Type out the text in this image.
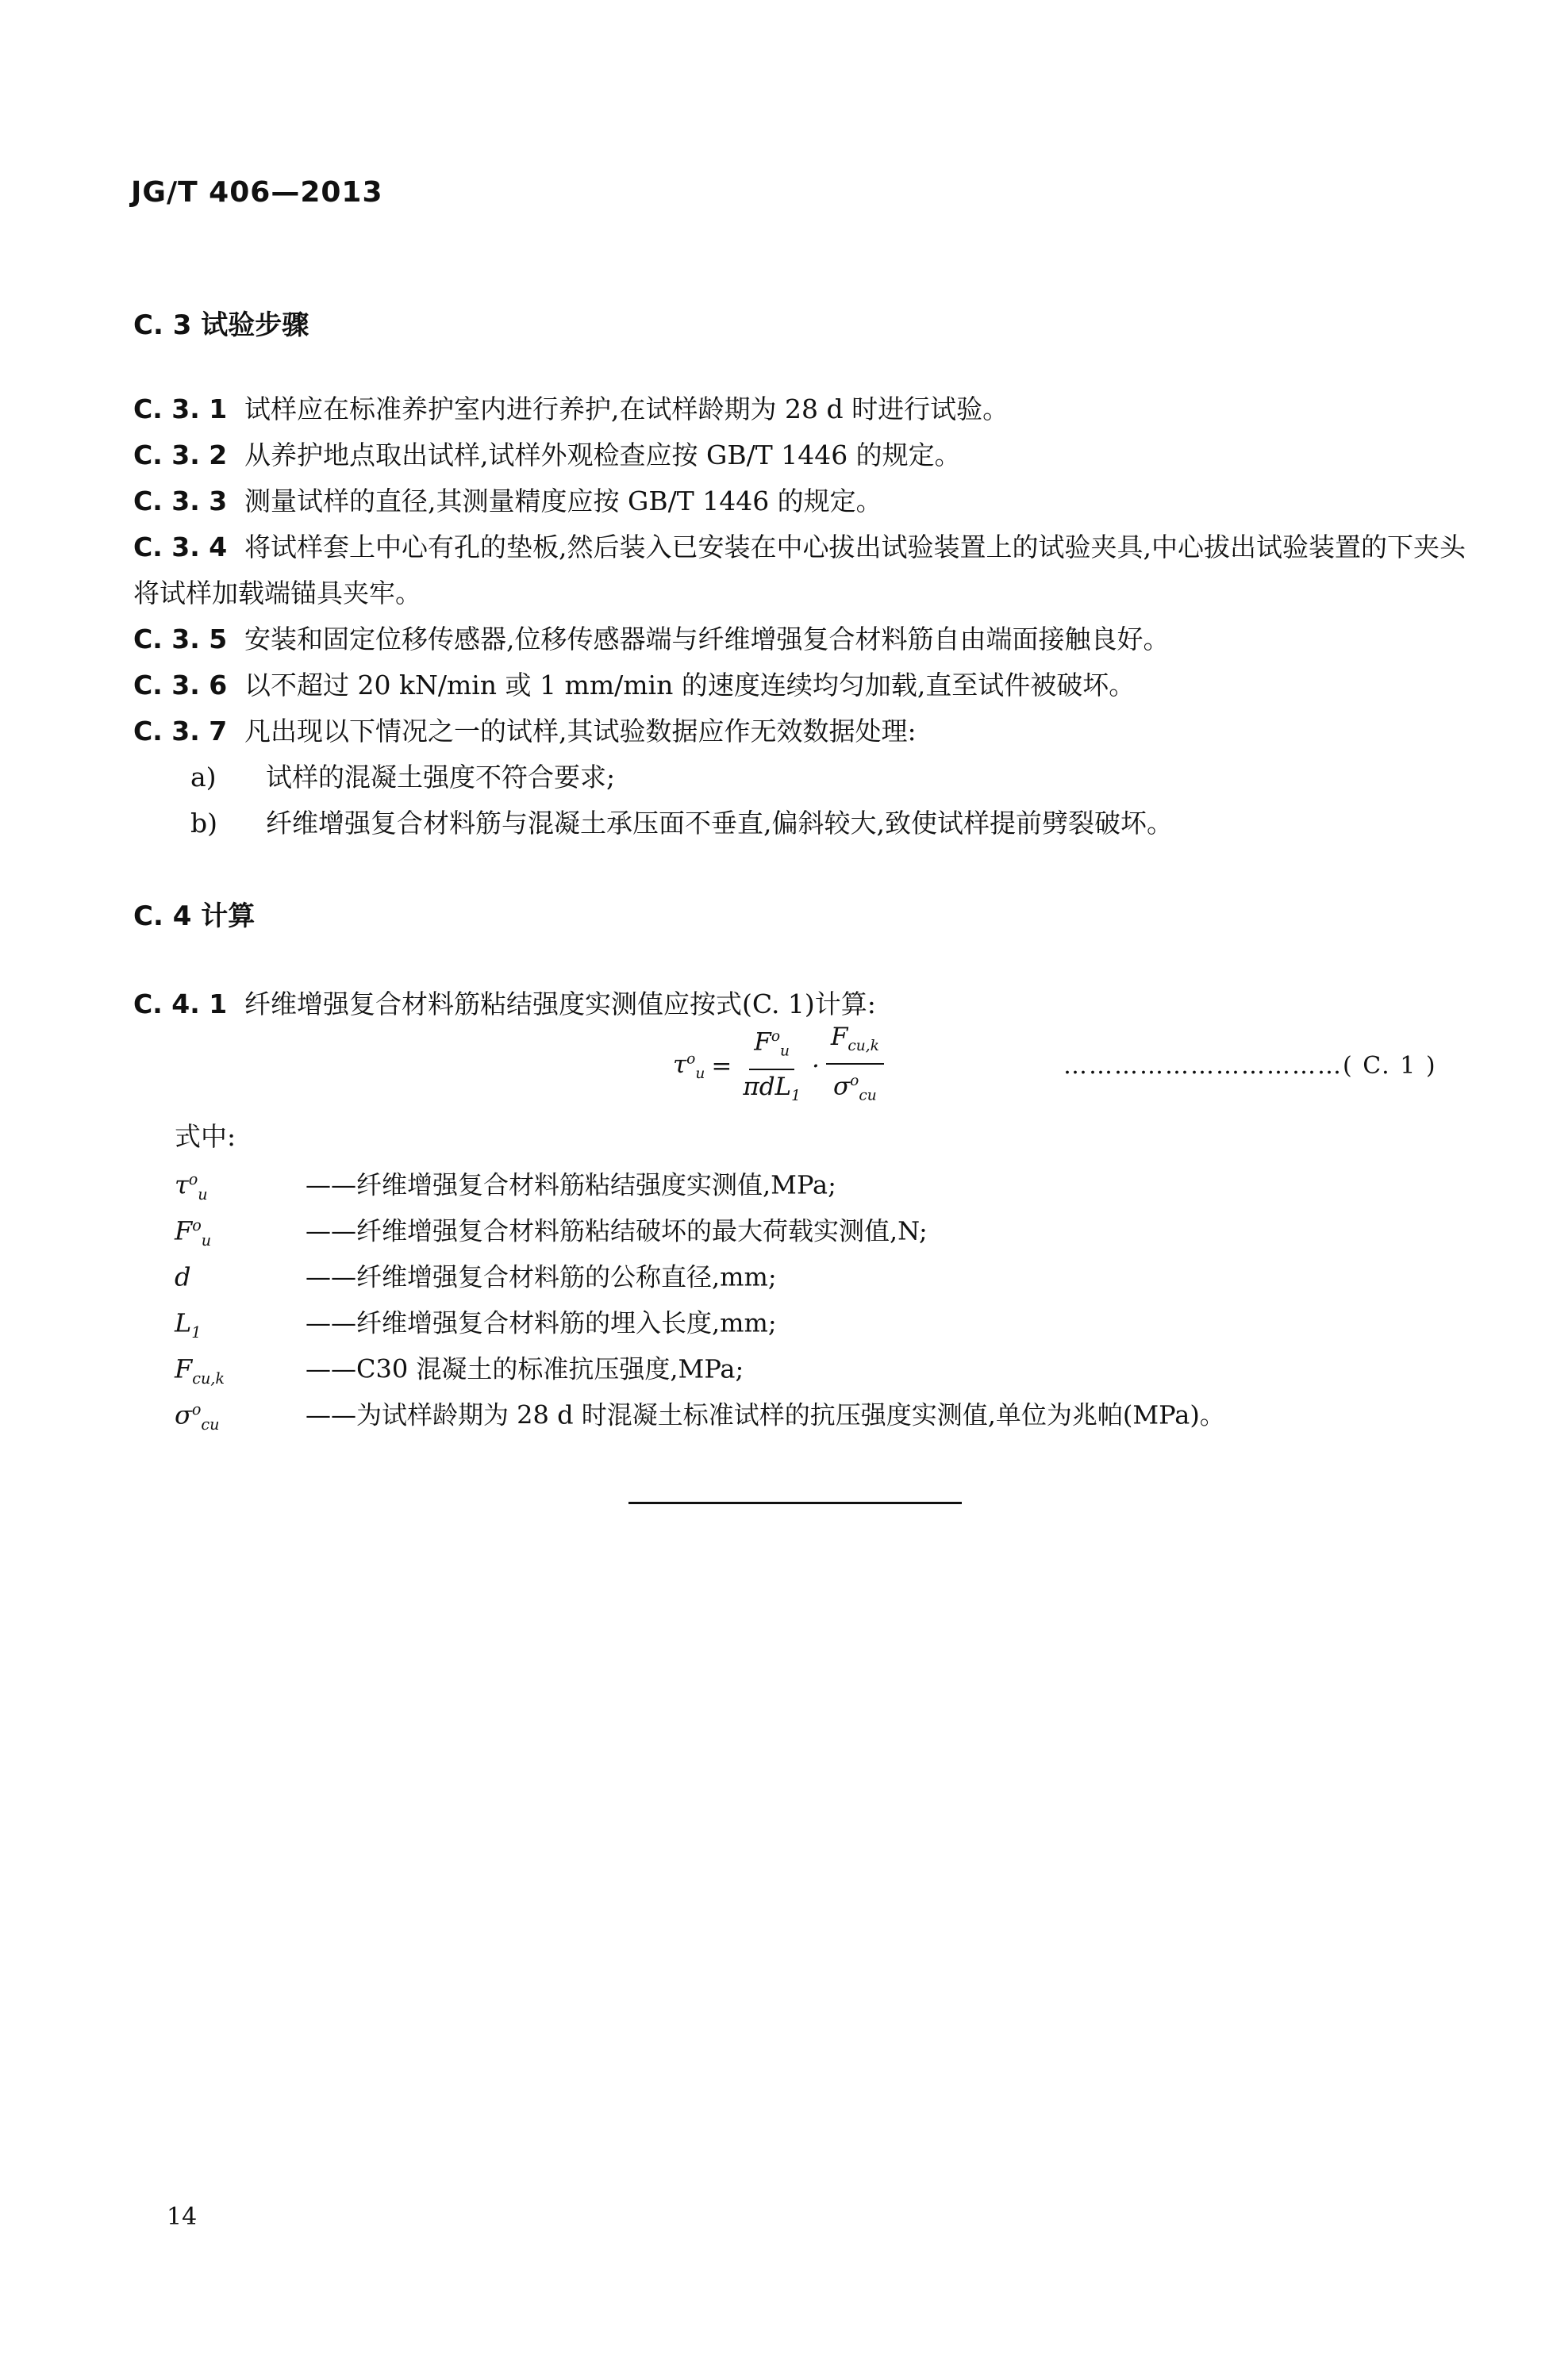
JG/T 406—2013
C. 3 试验步骤
C. 3. 1 试样应在标准养护室内进行养护,在试样龄期为 28 d 时进行试验。
C. 3. 2 从养护地点取出试样,试样外观检查应按 GB/T 1446 的规定。
C. 3. 3 测量试样的直径,其测量精度应按 GB/T 1446 的规定。
C. 3. 4 将试样套上中心有孔的垫板,然后装入已安装在中心拔出试验装置上的试验夹具,中心拔出试验装置的下夹头将试样加载端锚具夹牢。
C. 3. 5 安装和固定位移传感器,位移传感器端与纤维增强复合材料筋自由端面接触良好。
C. 3. 6 以不超过 20 kN/min 或 1 mm/min 的速度连续均匀加载,直至试件被破坏。
C. 3. 7 凡出现以下情况之一的试样,其试验数据应作无效数据处理:
a) 试样的混凝土强度不符合要求;
b) 纤维增强复合材料筋与混凝土承压面不垂直,偏斜较大,致使试样提前劈裂破坏。
C. 4 计算
C. 4. 1 纤维增强复合材料筋粘结强度实测值应按式(C. 1)计算:
$\tau^o_u = \frac{F^o_u}{\pi dL_1} \cdot \frac{F_{cu,k}}{\sigma^o_{cu}}$	……………………………( C. 1 )
式中:
$\tau^o_u$	——纤维增强复合材料筋粘结强度实测值,MPa;
$F^o_u$	——纤维增强复合材料筋粘结破坏的最大荷载实测值,N;
d	——纤维增强复合材料筋的公称直径,mm;
$L_1$	——纤维增强复合材料筋的埋入长度,mm;
$F_{cu,k}$	——C30 混凝土的标准抗压强度,MPa;
$\sigma^o_{cu}$	——为试样龄期为 28 d 时混凝土标准试样的抗压强度实测值,单位为兆帕(MPa)。
14
